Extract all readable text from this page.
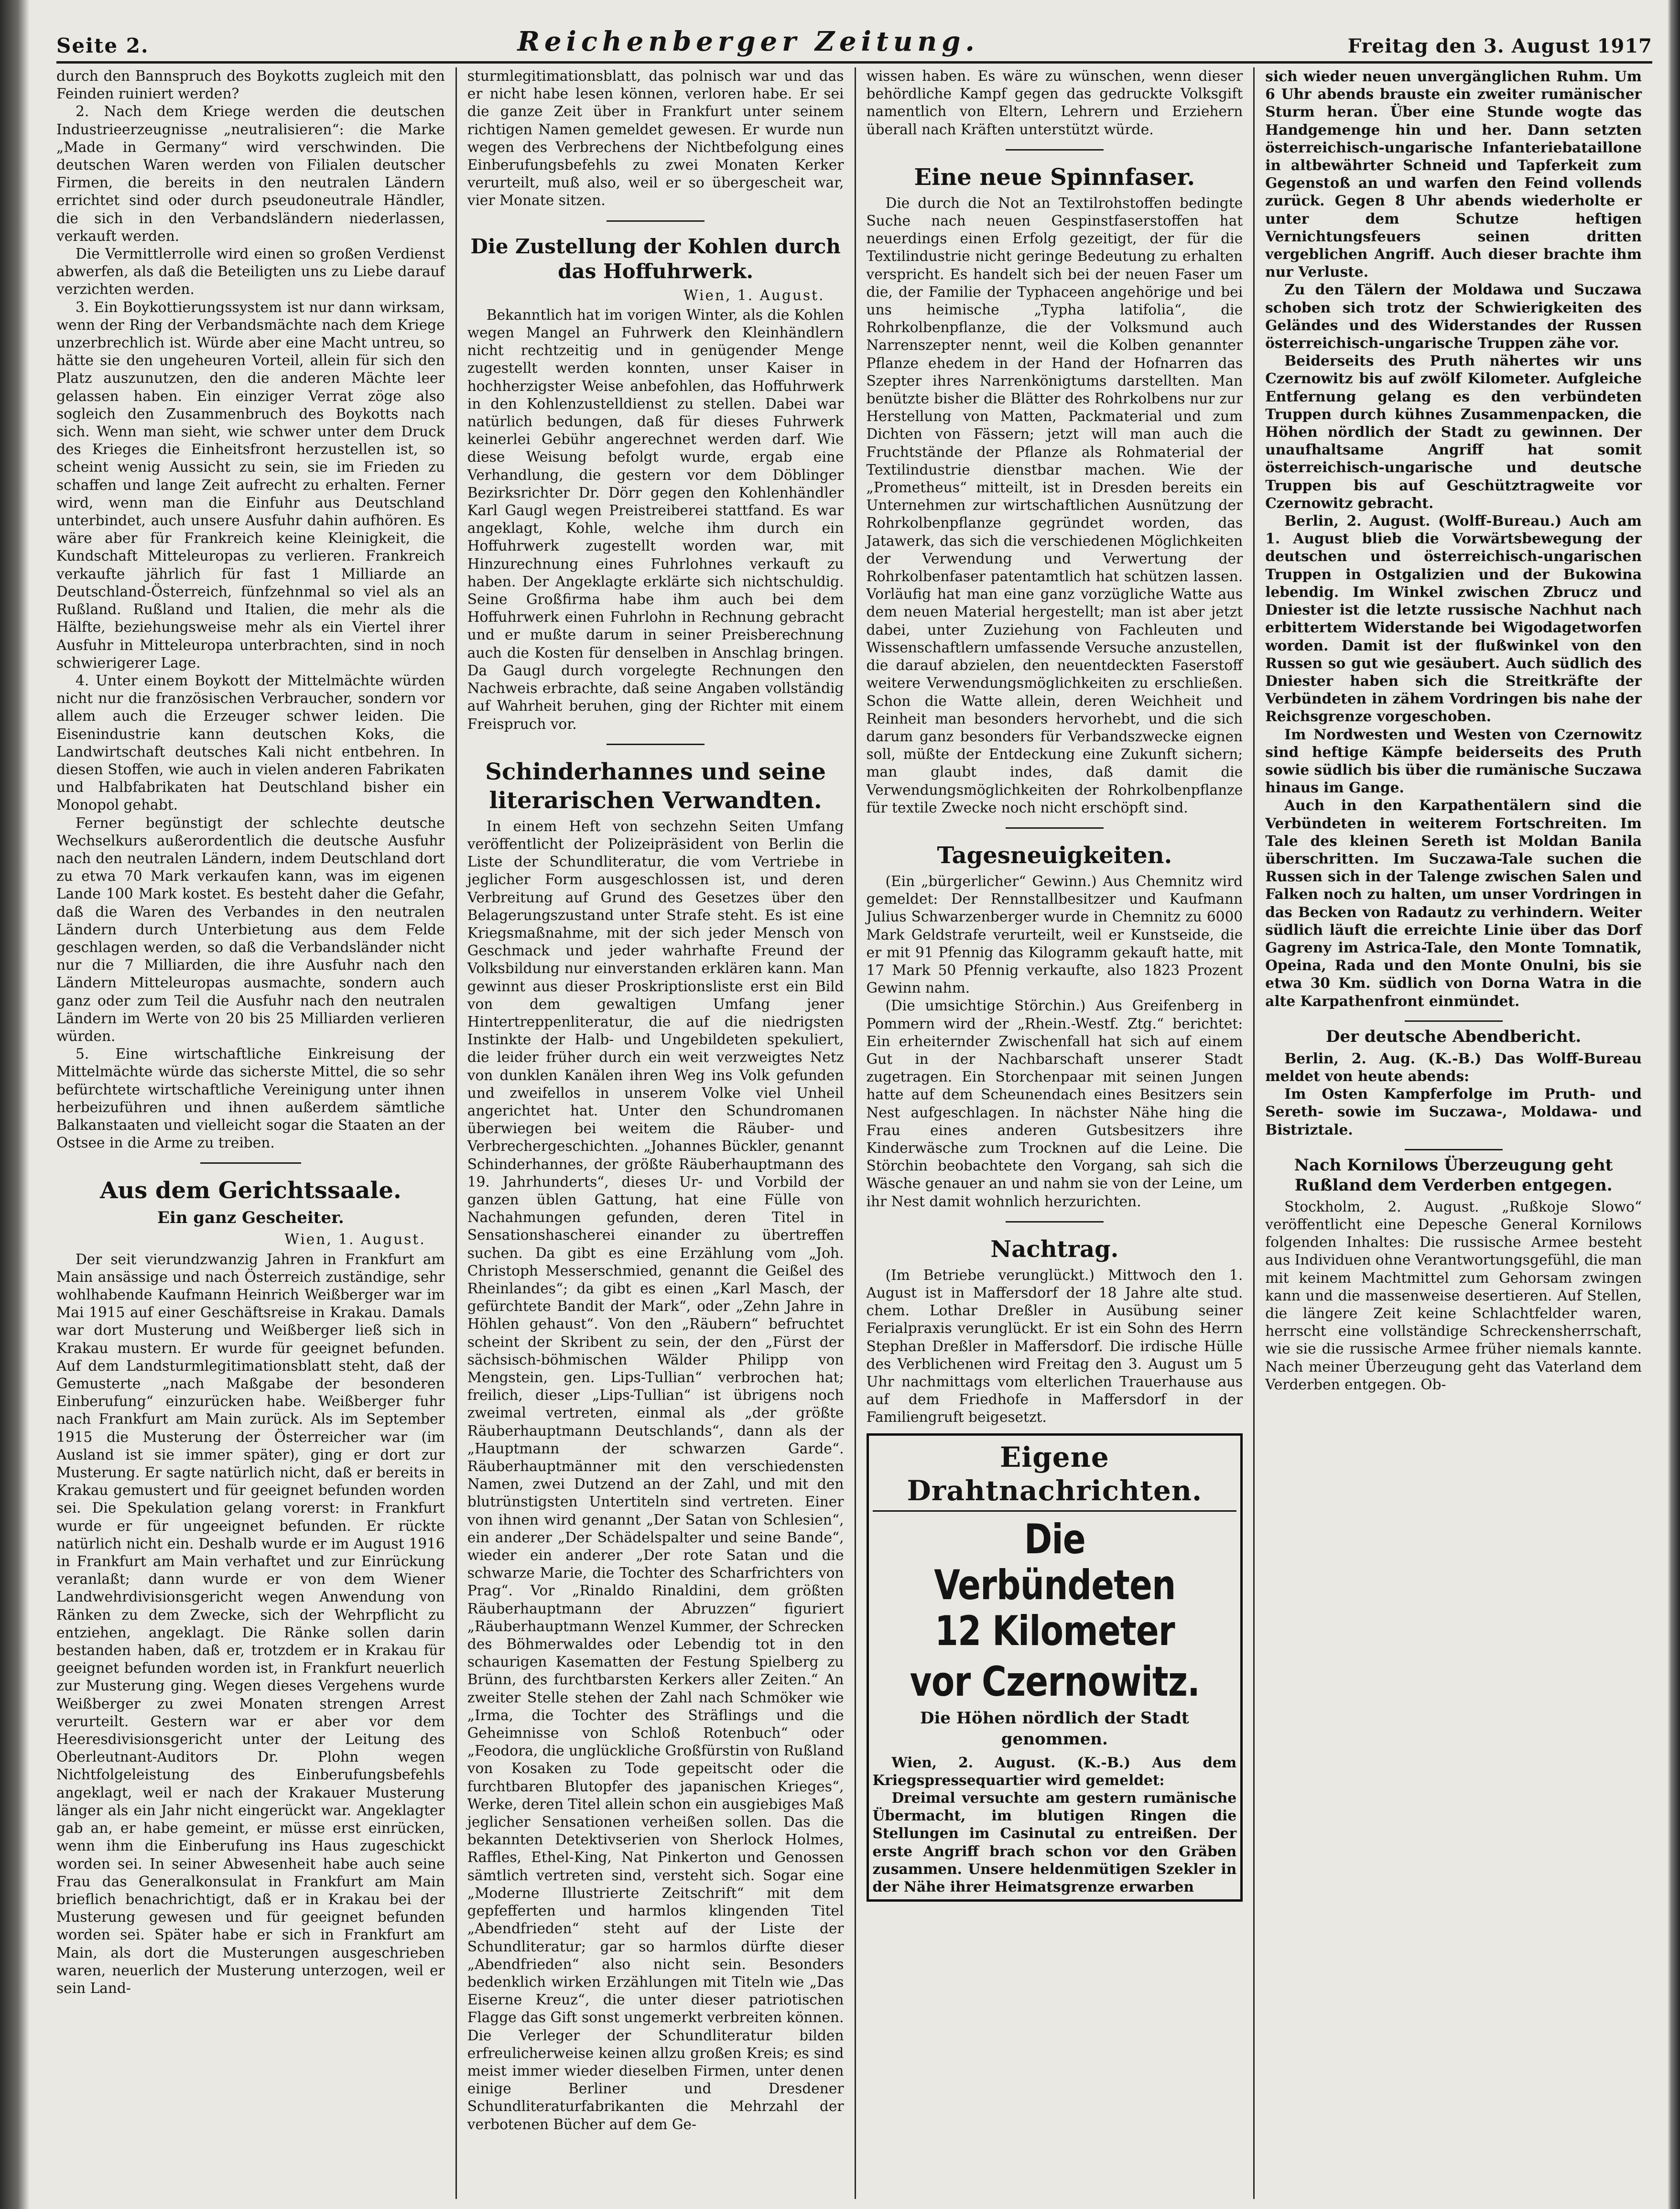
Seite 2.	Reichenberger Zeitung.	Freitag den 3. August 1917

durch den Bannspruch des Boykotts zugleich mit den Feinden ruiniert werden?

2. Nach dem Kriege werden die deutschen Industrieerzeugnisse „neutralisieren“: die Marke „Made in Germany“ wird verschwinden. Die deutschen Waren werden von Filialen deutscher Firmen, die bereits in den neutralen Ländern errichtet sind oder durch pseudoneutrale Händler, die sich in den Verbandsländern niederlassen, verkauft werden.

Die Vermittlerrolle wird einen so großen Verdienst abwerfen, als daß die Beteiligten uns zu Liebe darauf verzichten werden.

3. Ein Boykottierungssystem ist nur dann wirksam, wenn der Ring der Verbandsmächte nach dem Kriege unzerbrechlich ist. Würde aber eine Macht untreu, so hätte sie den ungeheuren Vorteil, allein für sich den Platz auszunutzen, den die anderen Mächte leer gelassen haben. Ein einziger Verrat zöge also sogleich den Zusammenbruch des Boykotts nach sich. Wenn man sieht, wie schwer unter dem Druck des Krieges die Einheitsfront herzustellen ist, so scheint wenig Aussicht zu sein, sie im Frieden zu schaffen und lange Zeit aufrecht zu erhalten. Ferner wird, wenn man die Einfuhr aus Deutschland unterbindet, auch unsere Ausfuhr dahin aufhören. Es wäre aber für Frankreich keine Kleinigkeit, die Kundschaft Mitteleuropas zu verlieren. Frankreich verkaufte jährlich für fast 1 Milliarde an Deutschland-Österreich, fünfzehnmal so viel als an Rußland. Rußland und Italien, die mehr als die Hälfte, beziehungsweise mehr als ein Viertel ihrer Ausfuhr in Mitteleuropa unterbrachten, sind in noch schwierigerer Lage.

4. Unter einem Boykott der Mittelmächte würden nicht nur die französischen Verbraucher, sondern vor allem auch die Erzeuger schwer leiden. Die Eisenindustrie kann deutschen Koks, die Landwirtschaft deutsches Kali nicht entbehren. In diesen Stoffen, wie auch in vielen anderen Fabrikaten und Halbfabrikaten hat Deutschland bisher ein Monopol gehabt.

Ferner begünstigt der schlechte deutsche Wechselkurs außerordentlich die deutsche Ausfuhr nach den neutralen Ländern, indem Deutschland dort zu etwa 70 Mark verkaufen kann, was im eigenen Lande 100 Mark kostet. Es besteht daher die Gefahr, daß die Waren des Verbandes in den neutralen Ländern durch Unterbietung aus dem Felde geschlagen werden, so daß die Verbandsländer nicht nur die 7 Milliarden, die ihre Ausfuhr nach den Ländern Mitteleuropas ausmachte, sondern auch ganz oder zum Teil die Ausfuhr nach den neutralen Ländern im Werte von 20 bis 25 Milliarden verlieren würden.

5. Eine wirtschaftliche Einkreisung der Mittelmächte würde das sicherste Mittel, die so sehr befürchtete wirtschaftliche Vereinigung unter ihnen herbeizuführen und ihnen außerdem sämtliche Balkanstaaten und vielleicht sogar die Staaten an der Ostsee in die Arme zu treiben.

Aus dem Gerichtssaale.
Ein ganz Gescheiter.
Wien, 1. August.

Der seit vierundzwanzig Jahren in Frankfurt am Main ansässige und nach Österreich zuständige, sehr wohlhabende Kaufmann Heinrich Weißberger war im Mai 1915 auf einer Geschäftsreise in Krakau. Damals war dort Musterung und Weißberger ließ sich in Krakau mustern. Er wurde für geeignet befunden. Auf dem Landsturmlegitimationsblatt steht, daß der Gemusterte „nach Maßgabe der besonderen Einberufung“ einzurücken habe. Weißberger fuhr nach Frankfurt am Main zurück. Als im September 1915 die Musterung der Österreicher war (im Ausland ist sie immer später), ging er dort zur Musterung. Er sagte natürlich nicht, daß er bereits in Krakau gemustert und für geeignet befunden worden sei. Die Spekulation gelang vorerst: in Frankfurt wurde er für ungeeignet befunden. Er rückte natürlich nicht ein. Deshalb wurde er im August 1916 in Frankfurt am Main verhaftet und zur Einrückung veranlaßt; dann wurde er von dem Wiener Landwehrdivisionsgericht wegen Anwendung von Ränken zu dem Zwecke, sich der Wehrpflicht zu entziehen, angeklagt. Die Ränke sollen darin bestanden haben, daß er, trotzdem er in Krakau für geeignet befunden worden ist, in Frankfurt neuerlich zur Musterung ging. Wegen dieses Vergehens wurde Weißberger zu zwei Monaten strengen Arrest verurteilt. Gestern war er aber vor dem Heeresdivisionsgericht unter der Leitung des Oberleutnant-Auditors Dr. Plohn wegen Nichtfolgeleistung des Einberufungsbefehls angeklagt, weil er nach der Krakauer Musterung länger als ein Jahr nicht eingerückt war. Angeklagter gab an, er habe gemeint, er müsse erst einrücken, wenn ihm die Einberufung ins Haus zugeschickt worden sei. In seiner Abwesenheit habe auch seine Frau das Generalkonsulat in Frankfurt am Main brieflich benachrichtigt, daß er in Krakau bei der Musterung gewesen und für geeignet befunden worden sei. Später habe er sich in Frankfurt am Main, als dort die Musterungen ausgeschrieben waren, neuerlich der Musterung unterzogen, weil er sein Land-

sturmlegitimationsblatt, das polnisch war und das er nicht habe lesen können, verloren habe. Er sei die ganze Zeit über in Frankfurt unter seinem richtigen Namen gemeldet gewesen. Er wurde nun wegen des Verbrechens der Nichtbefolgung eines Einberufungsbefehls zu zwei Monaten Kerker verurteilt, muß also, weil er so übergescheit war, vier Monate sitzen.

Die Zustellung der Kohlen durch das Hoffuhrwerk.
Wien, 1. August.

Bekanntlich hat im vorigen Winter, als die Kohlen wegen Mangel an Fuhrwerk den Kleinhändlern nicht rechtzeitig und in genügender Menge zugestellt werden konnten, unser Kaiser in hochherzigster Weise anbefohlen, das Hoffuhrwerk in den Kohlenzustelldienst zu stellen. Dabei war natürlich bedungen, daß für dieses Fuhrwerk keinerlei Gebühr angerechnet werden darf. Wie diese Weisung befolgt wurde, ergab eine Verhandlung, die gestern vor dem Döblinger Bezirksrichter Dr. Dörr gegen den Kohlenhändler Karl Gaugl wegen Preistreiberei stattfand. Es war angeklagt, Kohle, welche ihm durch ein Hoffuhrwerk zugestellt worden war, mit Hinzurechnung eines Fuhrlohnes verkauft zu haben. Der Angeklagte erklärte sich nichtschuldig. Seine Großfirma habe ihm auch bei dem Hoffuhrwerk einen Fuhrlohn in Rechnung gebracht und er mußte darum in seiner Preisberechnung auch die Kosten für denselben in Anschlag bringen. Da Gaugl durch vorgelegte Rechnungen den Nachweis erbrachte, daß seine Angaben vollständig auf Wahrheit beruhen, ging der Richter mit einem Freispruch vor.

Schinderhannes und seine literarischen Verwandten.

In einem Heft von sechzehn Seiten Umfang veröffentlicht der Polizeipräsident von Berlin die Liste der Schundliteratur, die vom Vertriebe in jeglicher Form ausgeschlossen ist, und deren Verbreitung auf Grund des Gesetzes über den Belagerungszustand unter Strafe steht. Es ist eine Kriegsmaßnahme, mit der sich jeder Mensch von Geschmack und jeder wahrhafte Freund der Volksbildung nur einverstanden erklären kann. Man gewinnt aus dieser Proskriptionsliste erst ein Bild von dem gewaltigen Umfang jener Hintertreppenliteratur, die auf die niedrigsten Instinkte der Halb- und Ungebildeten spekuliert, die leider früher durch ein weit verzweigtes Netz von dunklen Kanälen ihren Weg ins Volk gefunden und zweifellos in unserem Volke viel Unheil angerichtet hat. Unter den Schundromanen überwiegen bei weitem die Räuber- und Verbrechergeschichten. „Johannes Bückler, genannt Schinderhannes, der größte Räuberhauptmann des 19. Jahrhunderts“, dieses Ur- und Vorbild der ganzen üblen Gattung, hat eine Fülle von Nachahmungen gefunden, deren Titel in Sensationshascherei einander zu übertreffen suchen. Da gibt es eine Erzählung vom „Joh. Christoph Messerschmied, genannt die Geißel des Rheinlandes“; da gibt es einen „Karl Masch, der gefürchtete Bandit der Mark“, oder „Zehn Jahre in Höhlen gehaust“. Von den „Räubern“ befruchtet scheint der Skribent zu sein, der den „Fürst der sächsisch-böhmischen Wälder Philipp von Mengstein, gen. Lips-Tullian“ verbrochen hat; freilich, dieser „Lips-Tullian“ ist übrigens noch zweimal vertreten, einmal als „der größte Räuberhauptmann Deutschlands“, dann als der „Hauptmann der schwarzen Garde“. Räuberhauptmänner mit den verschiedensten Namen, zwei Dutzend an der Zahl, und mit den blutrünstigsten Untertiteln sind vertreten. Einer von ihnen wird genannt „Der Satan von Schlesien“, ein anderer „Der Schädelspalter und seine Bande“, wieder ein anderer „Der rote Satan und die schwarze Marie, die Tochter des Scharfrichters von Prag“. Vor „Rinaldo Rinaldini, dem größten Räuberhauptmann der Abruzzen“ figuriert „Räuberhauptmann Wenzel Kummer, der Schrecken des Böhmerwaldes oder Lebendig tot in den schaurigen Kasematten der Festung Spielberg zu Brünn, des furchtbarsten Kerkers aller Zeiten.“ An zweiter Stelle stehen der Zahl nach Schmöker wie „Irma, die Tochter des Sträflings und die Geheimnisse von Schloß Rotenbuch“ oder „Feodora, die unglückliche Großfürstin von Rußland von Kosaken zu Tode gepeitscht oder die furchtbaren Blutopfer des japanischen Krieges“, Werke, deren Titel allein schon ein ausgiebiges Maß jeglicher Sensationen verheißen sollen. Das die bekannten Detektivserien von Sherlock Holmes, Raffles, Ethel-King, Nat Pinkerton und Genossen sämtlich vertreten sind, versteht sich. Sogar eine „Moderne Illustrierte Zeitschrift“ mit dem gepfefferten und harmlos klingenden Titel „Abendfrieden“ steht auf der Liste der Schundliteratur; gar so harmlos dürfte dieser „Abendfrieden“ also nicht sein. Besonders bedenklich wirken Erzählungen mit Titeln wie „Das Eiserne Kreuz“, die unter dieser patriotischen Flagge das Gift sonst ungemerkt verbreiten können. Die Verleger der Schundliteratur bilden erfreulicherweise keinen allzu großen Kreis; es sind meist immer wieder dieselben Firmen, unter denen einige Berliner und Dresdener Schundliteraturfabrikanten die Mehrzahl der verbotenen Bücher auf dem Ge-

wissen haben. Es wäre zu wünschen, wenn dieser behördliche Kampf gegen das gedruckte Volksgift namentlich von Eltern, Lehrern und Erziehern überall nach Kräften unterstützt würde.

Eine neue Spinnfaser.

Die durch die Not an Textilrohstoffen bedingte Suche nach neuen Gespinstfaserstoffen hat neuerdings einen Erfolg gezeitigt, der für die Textilindustrie nicht geringe Bedeutung zu erhalten verspricht. Es handelt sich bei der neuen Faser um die, der Familie der Typhaceen angehörige und bei uns heimische „Typha latifolia“, die Rohrkolbenpflanze, die der Volksmund auch Narrenszepter nennt, weil die Kolben genannter Pflanze ehedem in der Hand der Hofnarren das Szepter ihres Narrenkönigtums darstellten. Man benützte bisher die Blätter des Rohrkolbens nur zur Herstellung von Matten, Packmaterial und zum Dichten von Fässern; jetzt will man auch die Fruchtstände der Pflanze als Rohmaterial der Textilindustrie dienstbar machen. Wie der „Prometheus“ mitteilt, ist in Dresden bereits ein Unternehmen zur wirtschaftlichen Ausnützung der Rohrkolbenpflanze gegründet worden, das Jatawerk, das sich die verschiedenen Möglichkeiten der Verwendung und Verwertung der Rohrkolbenfaser patentamtlich hat schützen lassen. Vorläufig hat man eine ganz vorzügliche Watte aus dem neuen Material hergestellt; man ist aber jetzt dabei, unter Zuziehung von Fachleuten und Wissenschaftlern umfassende Versuche anzustellen, die darauf abzielen, den neuentdeckten Faserstoff weitere Verwendungsmöglichkeiten zu erschließen. Schon die Watte allein, deren Weichheit und Reinheit man besonders hervorhebt, und die sich darum ganz besonders für Verbandszwecke eignen soll, müßte der Entdeckung eine Zukunft sichern; man glaubt indes, daß damit die Verwendungsmöglichkeiten der Rohrkolbenpflanze für textile Zwecke noch nicht erschöpft sind.

Tagesneuigkeiten.

(Ein „bürgerlicher“ Gewinn.) Aus Chemnitz wird gemeldet: Der Rennstallbesitzer und Kaufmann Julius Schwarzenberger wurde in Chemnitz zu 6000 Mark Geldstrafe verurteilt, weil er Kunstseide, die er mit 91 Pfennig das Kilogramm gekauft hatte, mit 17 Mark 50 Pfennig verkaufte, also 1823 Prozent Gewinn nahm.

(Die umsichtige Störchin.) Aus Greifenberg in Pommern wird der „Rhein.-Westf. Ztg.“ berichtet: Ein erheiternder Zwischenfall hat sich auf einem Gut in der Nachbarschaft unserer Stadt zugetragen. Ein Storchenpaar mit seinen Jungen hatte auf dem Scheunendach eines Besitzers sein Nest aufgeschlagen. In nächster Nähe hing die Frau eines anderen Gutsbesitzers ihre Kinderwäsche zum Trocknen auf die Leine. Die Störchin beobachtete den Vorgang, sah sich die Wäsche genauer an und nahm sie von der Leine, um ihr Nest damit wohnlich herzurichten.

Nachtrag.

(Im Betriebe verunglückt.) Mittwoch den 1. August ist in Maffersdorf der 18 Jahre alte stud. chem. Lothar Dreßler in Ausübung seiner Ferialpraxis verunglückt. Er ist ein Sohn des Herrn Stephan Dreßler in Maffersdorf. Die irdische Hülle des Verblichenen wird Freitag den 3. August um 5 Uhr nachmittags vom elterlichen Trauerhause aus auf dem Friedhofe in Maffersdorf in der Familiengruft beigesetzt.

Eigene Drahtnachrichten.
Die Verbündeten 12 Kilometer
vor Czernowitz.
Die Höhen nördlich der Stadt genommen.

Wien, 2. August. (K.-B.) Aus dem Kriegspressequartier wird gemeldet:

Dreimal versuchte am gestern rumänische Übermacht, im blutigen Ringen die Stellungen im Casinutal zu entreißen. Der erste Angriff brach schon vor den Gräben zusammen. Unsere heldenmütigen Szekler in der Nähe ihrer Heimatsgrenze erwarben

sich wieder neuen unvergänglichen Ruhm. Um 6 Uhr abends brauste ein zweiter rumänischer Sturm heran. Über eine Stunde wogte das Handgemenge hin und her. Dann setzten österreichisch-ungarische Infanteriebataillone in altbewährter Schneid und Tapferkeit zum Gegenstoß an und warfen den Feind vollends zurück. Gegen 8 Uhr abends wiederholte er unter dem Schutze heftigen Vernichtungsfeuers seinen dritten vergeblichen Angriff. Auch dieser brachte ihm nur Verluste.

Zu den Tälern der Moldawa und Suczawa schoben sich trotz der Schwierigkeiten des Geländes und des Widerstandes der Russen österreichisch-ungarische Truppen zähe vor.

Beiderseits des Pruth nähertes wir uns Czernowitz bis auf zwölf Kilometer. Aufgleiche Entfernung gelang es den verbündeten Truppen durch kühnes Zusammenpacken, die Höhen nördlich der Stadt zu gewinnen. Der unaufhaltsame Angriff hat somit österreichisch-ungarische und deutsche Truppen bis auf Geschütztragweite vor Czernowitz gebracht.

Berlin, 2. August. (Wolff-Bureau.) Auch am 1. August blieb die Vorwärtsbewegung der deutschen und österreichisch-ungarischen Truppen in Ostgalizien und der Bukowina lebendig. Im Winkel zwischen Zbrucz und Dniester ist die letzte russische Nachhut nach erbittertem Widerstande bei Wigodagetworfen worden. Damit ist der flußwinkel von den Russen so gut wie gesäubert. Auch südlich des Dniester haben sich die Streitkräfte der Verbündeten in zähem Vordringen bis nahe der Reichsgrenze vorgeschoben.

Im Nordwesten und Westen von Czernowitz sind heftige Kämpfe beiderseits des Pruth sowie südlich bis über die rumänische Suczawa hinaus im Gange.

Auch in den Karpathentälern sind die Verbündeten in weiterem Fortschreiten. Im Tale des kleinen Sereth ist Moldan Banila überschritten. Im Suczawa-Tale suchen die Russen sich in der Talenge zwischen Salen und Falken noch zu halten, um unser Vordringen in das Becken von Radautz zu verhindern. Weiter südlich läuft die erreichte Linie über das Dorf Gagreny im Astrica-Tale, den Monte Tomnatik, Opeina, Rada und den Monte Onulni, bis sie etwa 30 Km. südlich von Dorna Watra in die alte Karpathenfront einmündet.

Der deutsche Abendbericht.

Berlin, 2. Aug. (K.-B.) Das Wolff-Bureau meldet von heute abends:

Im Osten Kampferfolge im Pruth- und Sereth- sowie im Suczawa-, Moldawa- und Bistriztale.

Nach Kornilows Überzeugung geht Rußland dem Verderben entgegen.

Stockholm, 2. August. „Rußkoje Slowo“ veröffentlicht eine Depesche General Kornilows folgenden Inhaltes: Die russische Armee besteht aus Individuen ohne Verantwortungsgefühl, die man mit keinem Machtmittel zum Gehorsam zwingen kann und die massenweise desertieren. Auf Stellen, die längere Zeit keine Schlachtfelder waren, herrscht eine vollständige Schreckensherrschaft, wie sie die russische Armee früher niemals kannte. Nach meiner Überzeugung geht das Vaterland dem Verderben entgegen. Ob-
